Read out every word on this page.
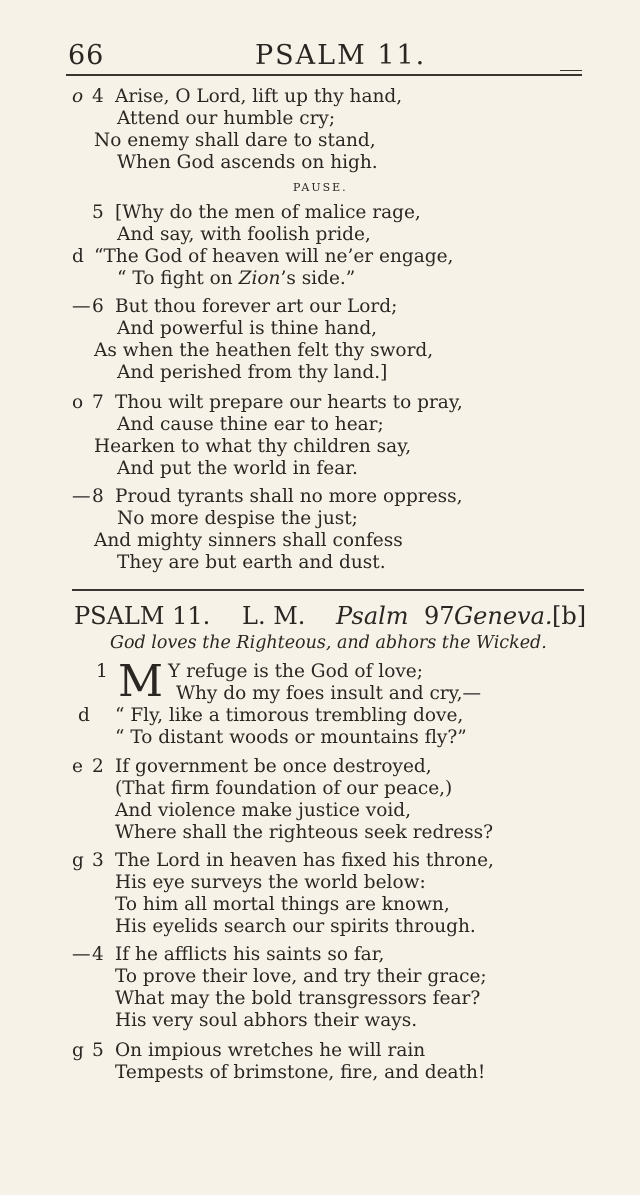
66	PSALM 11.
o 4 Arise, O Lord, lift up thy hand,
Attend our humble cry;
No enemy shall dare to stand,
When God ascends on high.
PAUSE.
5 [Why do the men of malice rage,
And say, with foolish pride,
d “The God of heaven will ne’er engage,
“ To fight on Zion’s side.”
— 6 But thou forever art our Lord;
And powerful is thine hand,
As when the heathen felt thy sword,
And perished from thy land.]
o 7 Thou wilt prepare our hearts to pray,
And cause thine ear to hear;
Hearken to what thy children say,
And put the world in fear.
— 8 Proud tyrants shall no more oppress,
No more despise the just;
And mighty sinners shall confess
They are but earth and dust.
PSALM 11. L. M. Psalm 97.
Geneva. [b]
God loves the Righteous, and abhors the Wicked.
M
1	Y refuge is the God of love;
Why do my foes insult and cry,—
d “ Fly, like a timorous trembling dove,
“ To distant woods or mountains fly?”
e 2 If government be once destroyed,
(That firm foundation of our peace,)
And violence make justice void,
Where shall the righteous seek redress?
g 3 The Lord in heaven has fixed his throne,
His eye surveys the world below:
To him all mortal things are known,
His eyelids search our spirits through.
— 4 If he afflicts his saints so far,
To prove their love, and try their grace;
What may the bold transgressors fear?
His very soul abhors their ways.
g 5 On impious wretches he will rain
Tempests of brimstone, fire, and death!
